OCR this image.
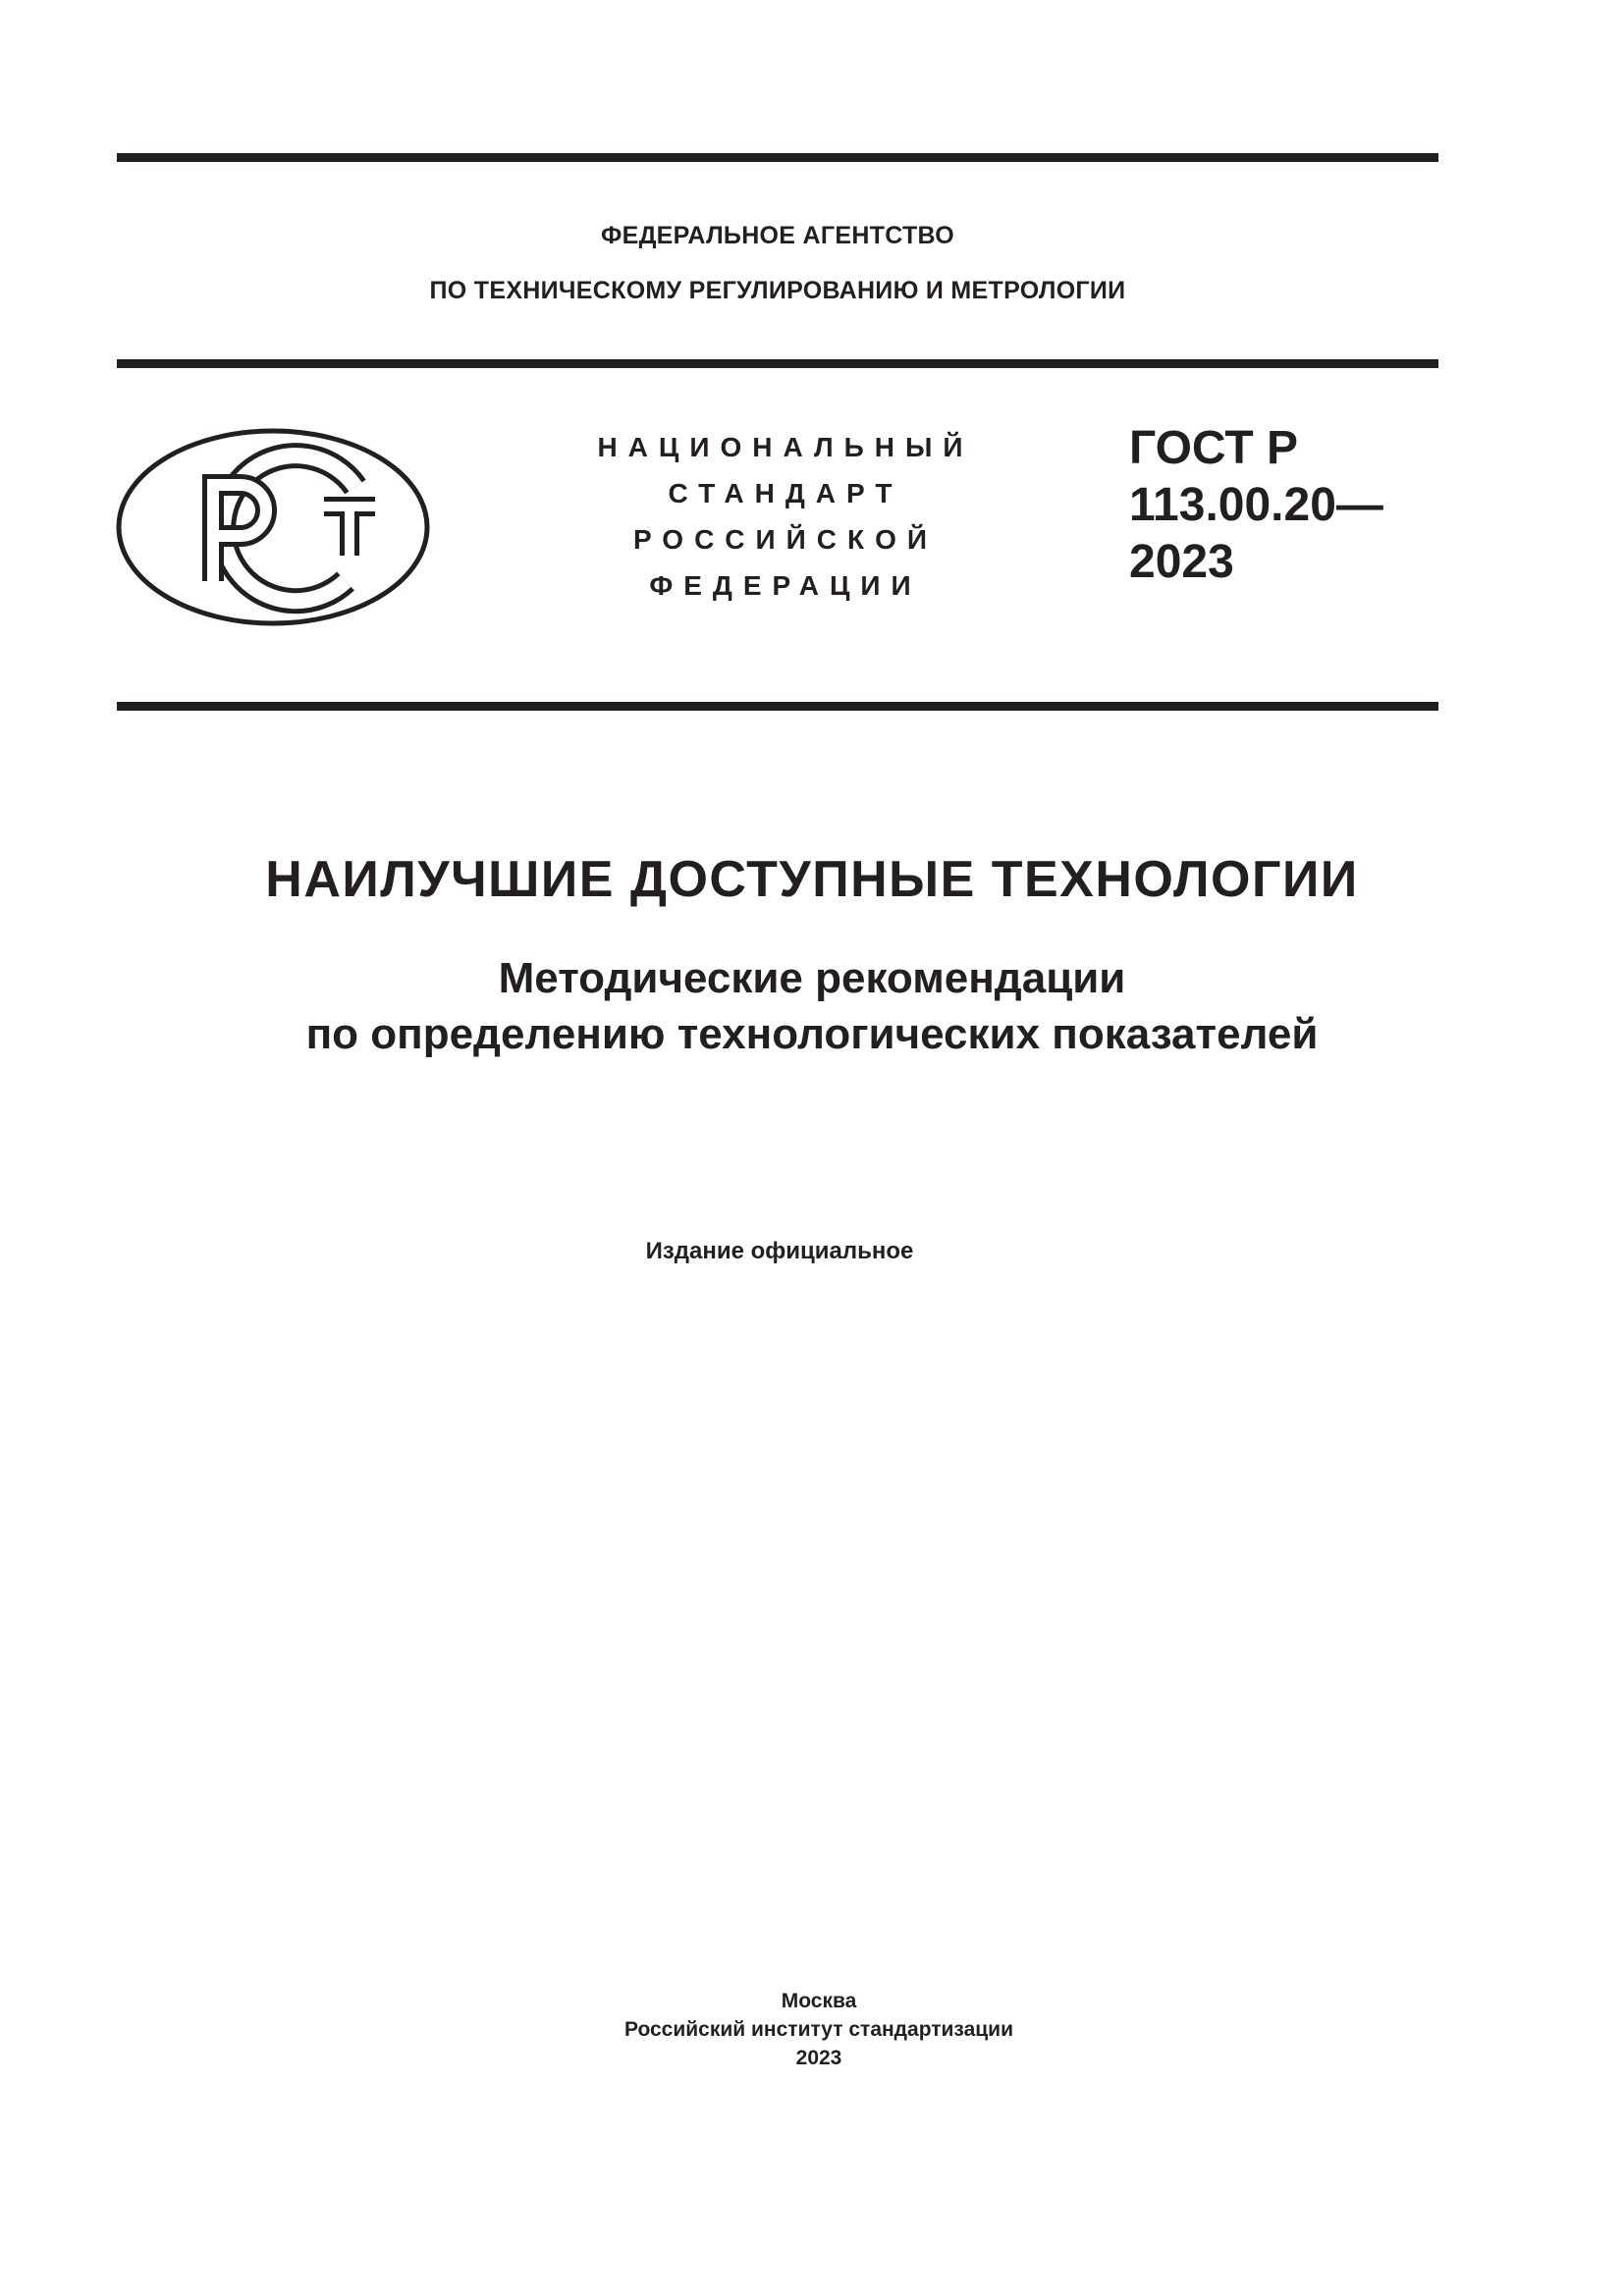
ФЕДЕРАЛЬНОЕ АГЕНТСТВО
ПО ТЕХНИЧЕСКОМУ РЕГУЛИРОВАНИЮ И МЕТРОЛОГИИ
НАЦИОНАЛЬНЫЙ
СТАНДАРТ
РОССИЙСКОЙ
ФЕДЕРАЦИИ
ГОСТ Р
113.00.20—
2023
НАИЛУЧШИЕ ДОСТУПНЫЕ ТЕХНОЛОГИИ
Методические рекомендации
по определению технологических показателей
Издание официальное
Москва
Российский институт стандартизации
2023
